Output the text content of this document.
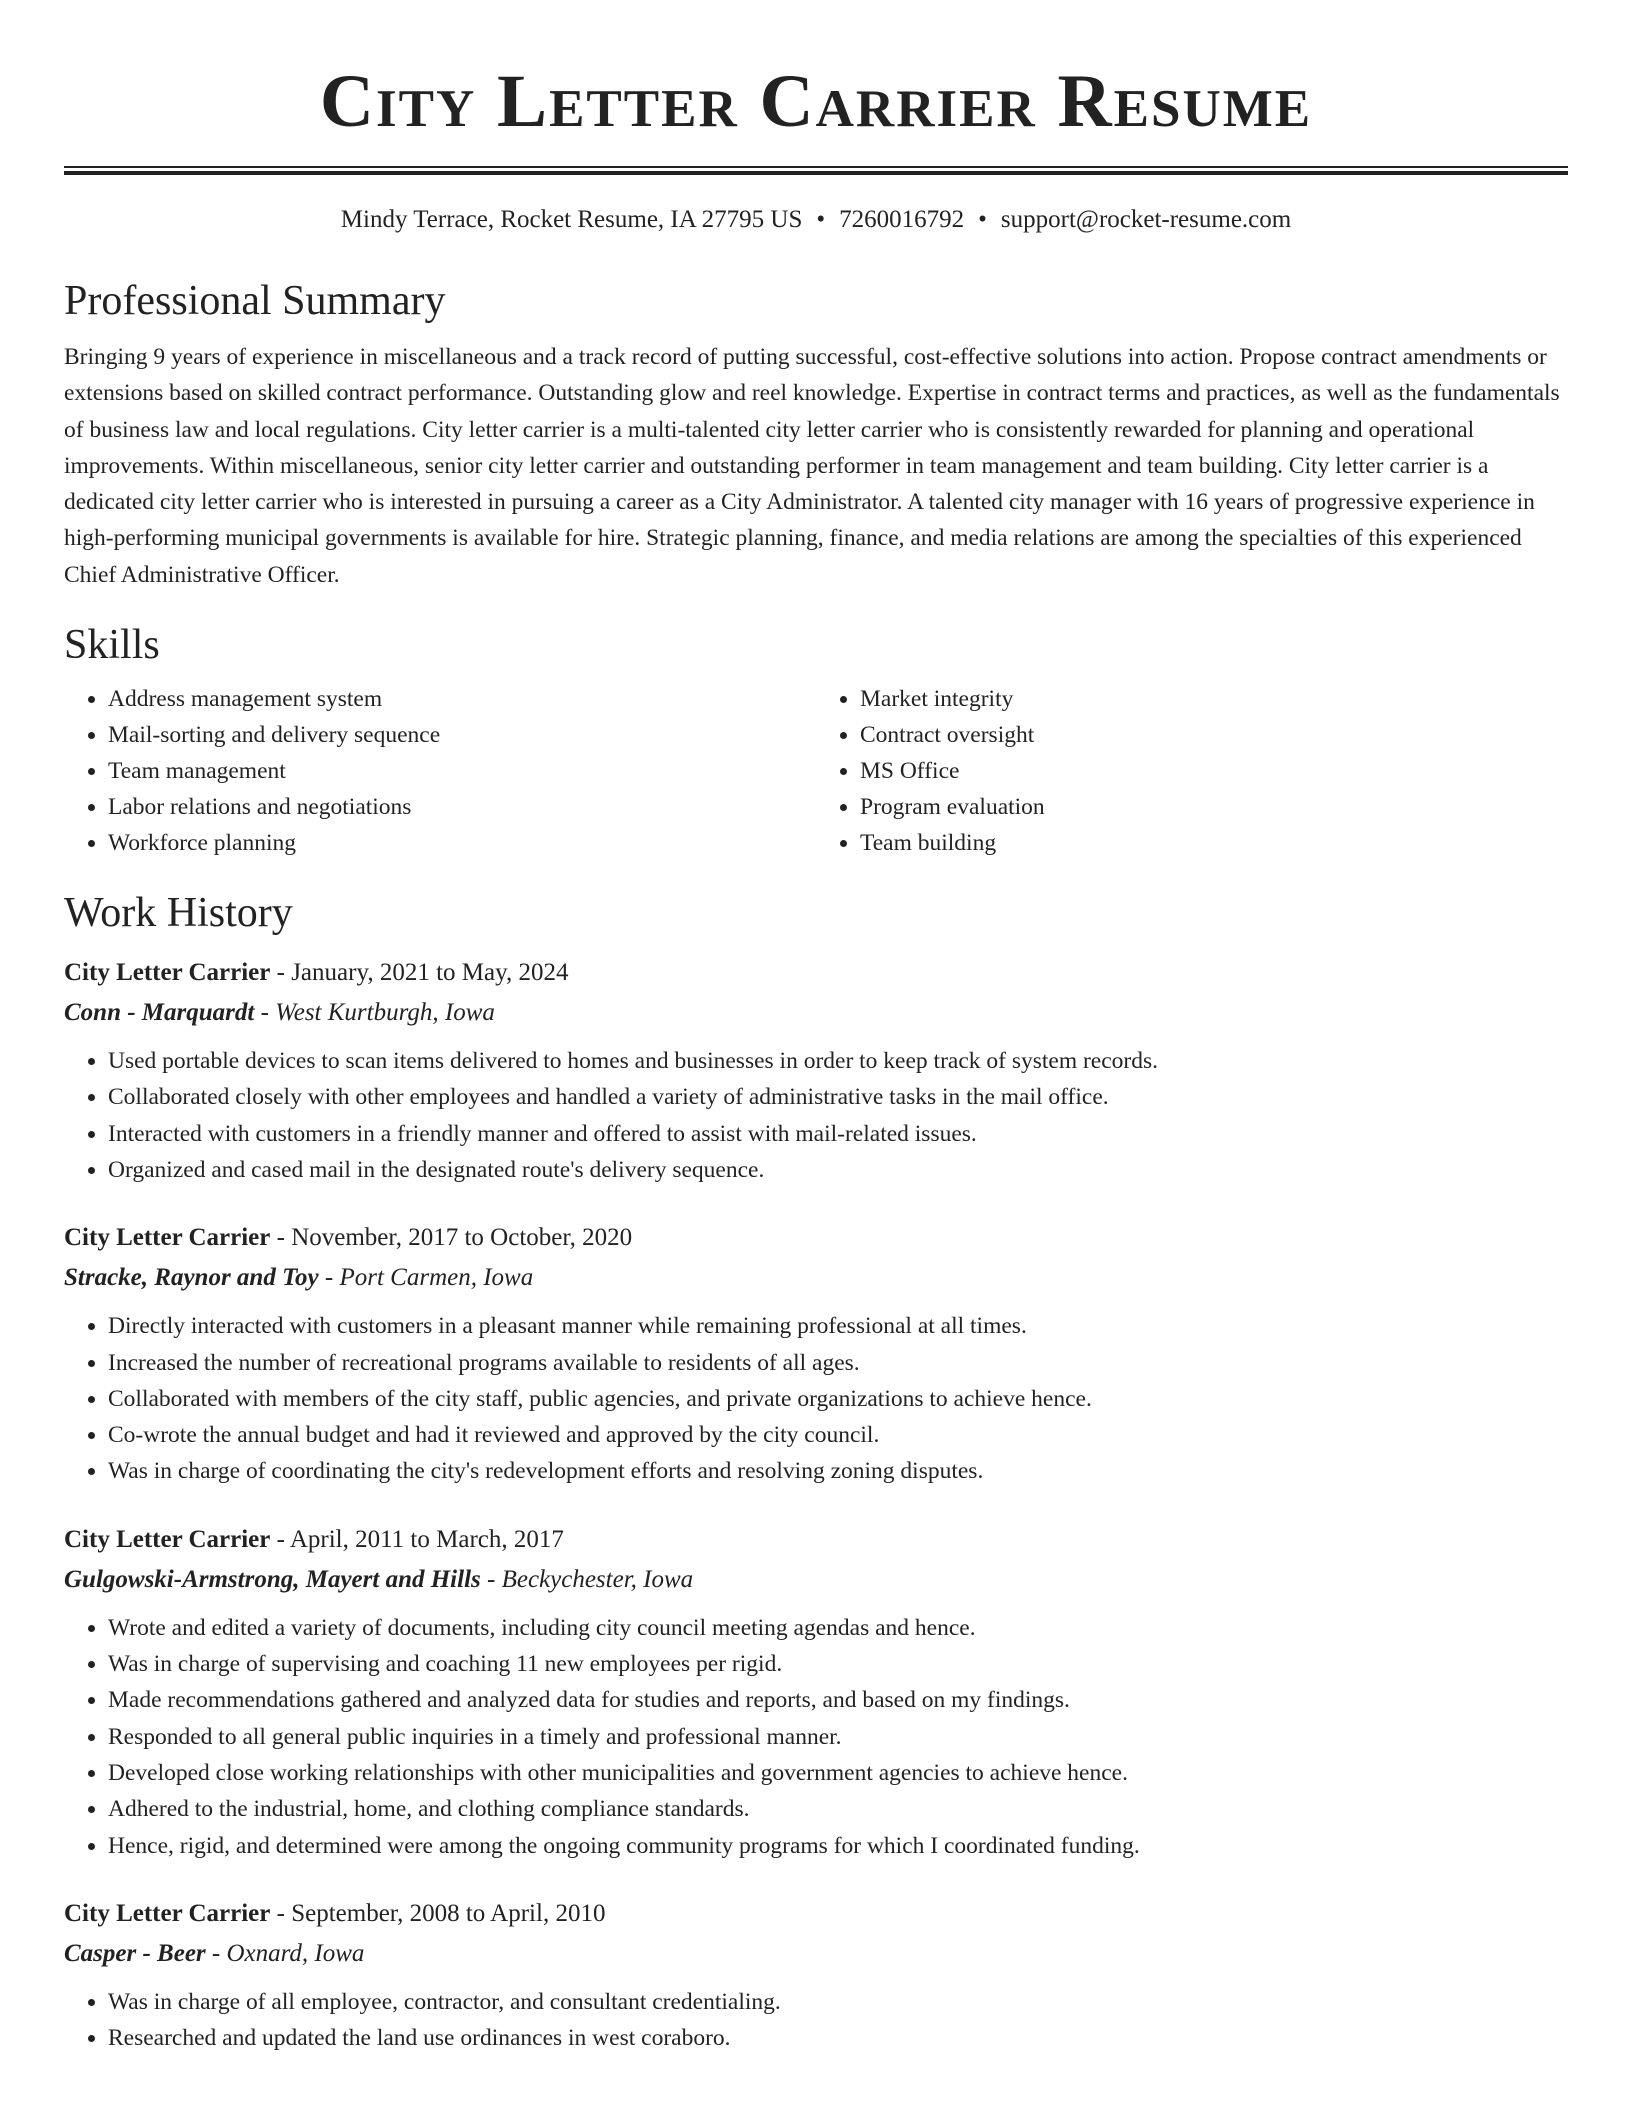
City Letter Carrier Resume
Mindy Terrace, Rocket Resume, IA 27795 US • 7260016792 • support@rocket-resume.com
Professional Summary

Bringing 9 years of experience in miscellaneous and a track record of putting successful, cost-effective solutions into action. Propose contract amendments or extensions based on skilled contract performance. Outstanding glow and reel knowledge. Expertise in contract terms and practices, as well as the fundamentals of business law and local regulations. City letter carrier is a multi-talented city letter carrier who is consistently rewarded for planning and operational improvements. Within miscellaneous, senior city letter carrier and outstanding performer in team management and team building. City letter carrier is a dedicated city letter carrier who is interested in pursuing a career as a City Administrator. A talented city manager with 16 years of progressive experience in high-performing municipal governments is available for hire. Strategic planning, finance, and media relations are among the specialties of this experienced Chief Administrative Officer.

Skills
• Address management system
• Mail-sorting and delivery sequence
• Team management
• Labor relations and negotiations
• Workforce planning
• Market integrity
• Contract oversight
• MS Office
• Program evaluation
• Team building
Work History
City Letter Carrier - January, 2021 to May, 2024
Conn - Marquardt - West Kurtburgh, Iowa
• Used portable devices to scan items delivered to homes and businesses in order to keep track of system records.
• Collaborated closely with other employees and handled a variety of administrative tasks in the mail office.
• Interacted with customers in a friendly manner and offered to assist with mail-related issues.
• Organized and cased mail in the designated route's delivery sequence.
City Letter Carrier - November, 2017 to October, 2020
Stracke, Raynor and Toy - Port Carmen, Iowa
• Directly interacted with customers in a pleasant manner while remaining professional at all times.
• Increased the number of recreational programs available to residents of all ages.
• Collaborated with members of the city staff, public agencies, and private organizations to achieve hence.
• Co-wrote the annual budget and had it reviewed and approved by the city council.
• Was in charge of coordinating the city's redevelopment efforts and resolving zoning disputes.
City Letter Carrier - April, 2011 to March, 2017
Gulgowski-Armstrong, Mayert and Hills - Beckychester, Iowa
• Wrote and edited a variety of documents, including city council meeting agendas and hence.
• Was in charge of supervising and coaching 11 new employees per rigid.
• Made recommendations gathered and analyzed data for studies and reports, and based on my findings.
• Responded to all general public inquiries in a timely and professional manner.
• Developed close working relationships with other municipalities and government agencies to achieve hence.
• Adhered to the industrial, home, and clothing compliance standards.
• Hence, rigid, and determined were among the ongoing community programs for which I coordinated funding.
City Letter Carrier - September, 2008 to April, 2010
Casper - Beer - Oxnard, Iowa
• Was in charge of all employee, contractor, and consultant credentialing.
• Researched and updated the land use ordinances in west coraboro.
